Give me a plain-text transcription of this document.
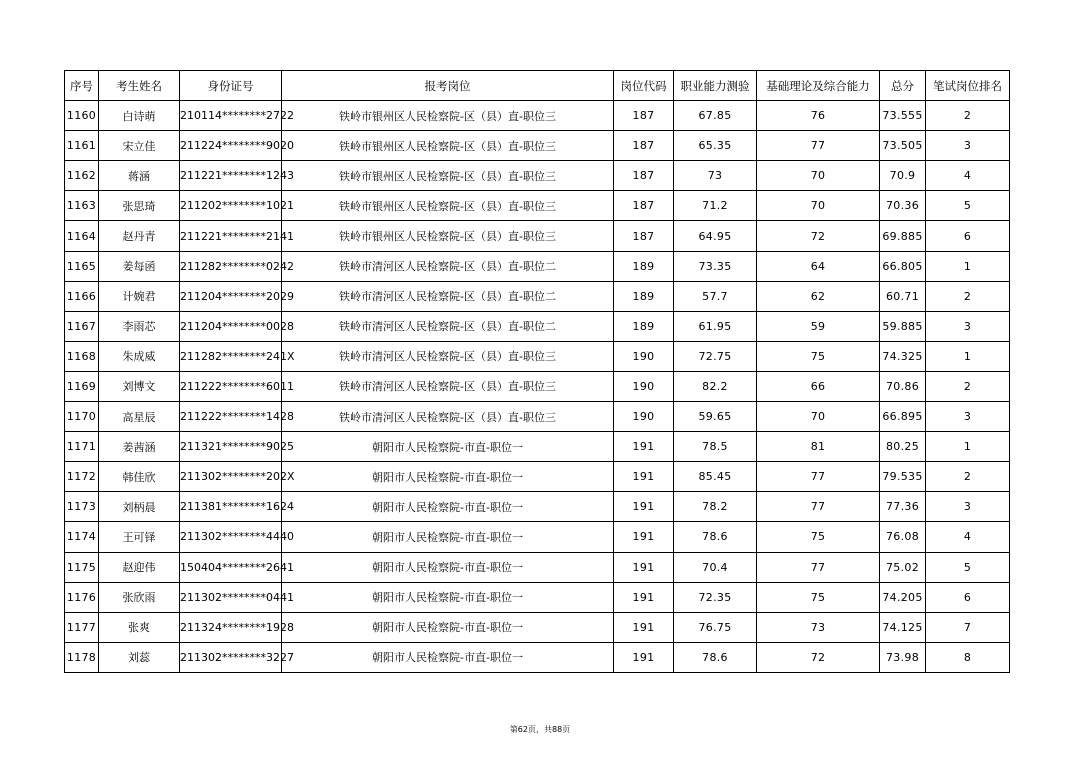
序号	考生姓名	身份证号	报考岗位	岗位代码	职业能力测验	基础理论及综合能力	总分	笔试岗位排名
1160	白诗萌	210114********2722	铁岭市银州区人民检察院-区（县）直-职位三	187	67.85	76	73.555	2
1161	宋立佳	211224********9020	铁岭市银州区人民检察院-区（县）直-职位三	187	65.35	77	73.505	3
1162	蒋涵	211221********1243	铁岭市银州区人民检察院-区（县）直-职位三	187	73	70	70.9	4
1163	张思琦	211202********1021	铁岭市银州区人民检察院-区（县）直-职位三	187	71.2	70	70.36	5
1164	赵丹青	211221********2141	铁岭市银州区人民检察院-区（县）直-职位三	187	64.95	72	69.885	6
1165	姜每函	211282********0242	铁岭市清河区人民检察院-区（县）直-职位二	189	73.35	64	66.805	1
1166	计婉君	211204********2029	铁岭市清河区人民检察院-区（县）直-职位二	189	57.7	62	60.71	2
1167	李雨芯	211204********0028	铁岭市清河区人民检察院-区（县）直-职位二	189	61.95	59	59.885	3
1168	朱成威	211282********241X	铁岭市清河区人民检察院-区（县）直-职位三	190	72.75	75	74.325	1
1169	刘博文	211222********6011	铁岭市清河区人民检察院-区（县）直-职位三	190	82.2	66	70.86	2
1170	高星辰	211222********1428	铁岭市清河区人民检察院-区（县）直-职位三	190	59.65	70	66.895	3
1171	姜茜涵	211321********9025	朝阳市人民检察院-市直-职位一	191	78.5	81	80.25	1
1172	韩佳欣	211302********202X	朝阳市人民检察院-市直-职位一	191	85.45	77	79.535	2
1173	刘柄晨	211381********1624	朝阳市人民检察院-市直-职位一	191	78.2	77	77.36	3
1174	王可铎	211302********4440	朝阳市人民检察院-市直-职位一	191	78.6	75	76.08	4
1175	赵迎伟	150404********2641	朝阳市人民检察院-市直-职位一	191	70.4	77	75.02	5
1176	张欣雨	211302********0441	朝阳市人民检察院-市直-职位一	191	72.35	75	74.205	6
1177	张爽	211324********1928	朝阳市人民检察院-市直-职位一	191	76.75	73	74.125	7
1178	刘蕊	211302********3227	朝阳市人民检察院-市直-职位一	191	78.6	72	73.98	8
第62页，共88页
